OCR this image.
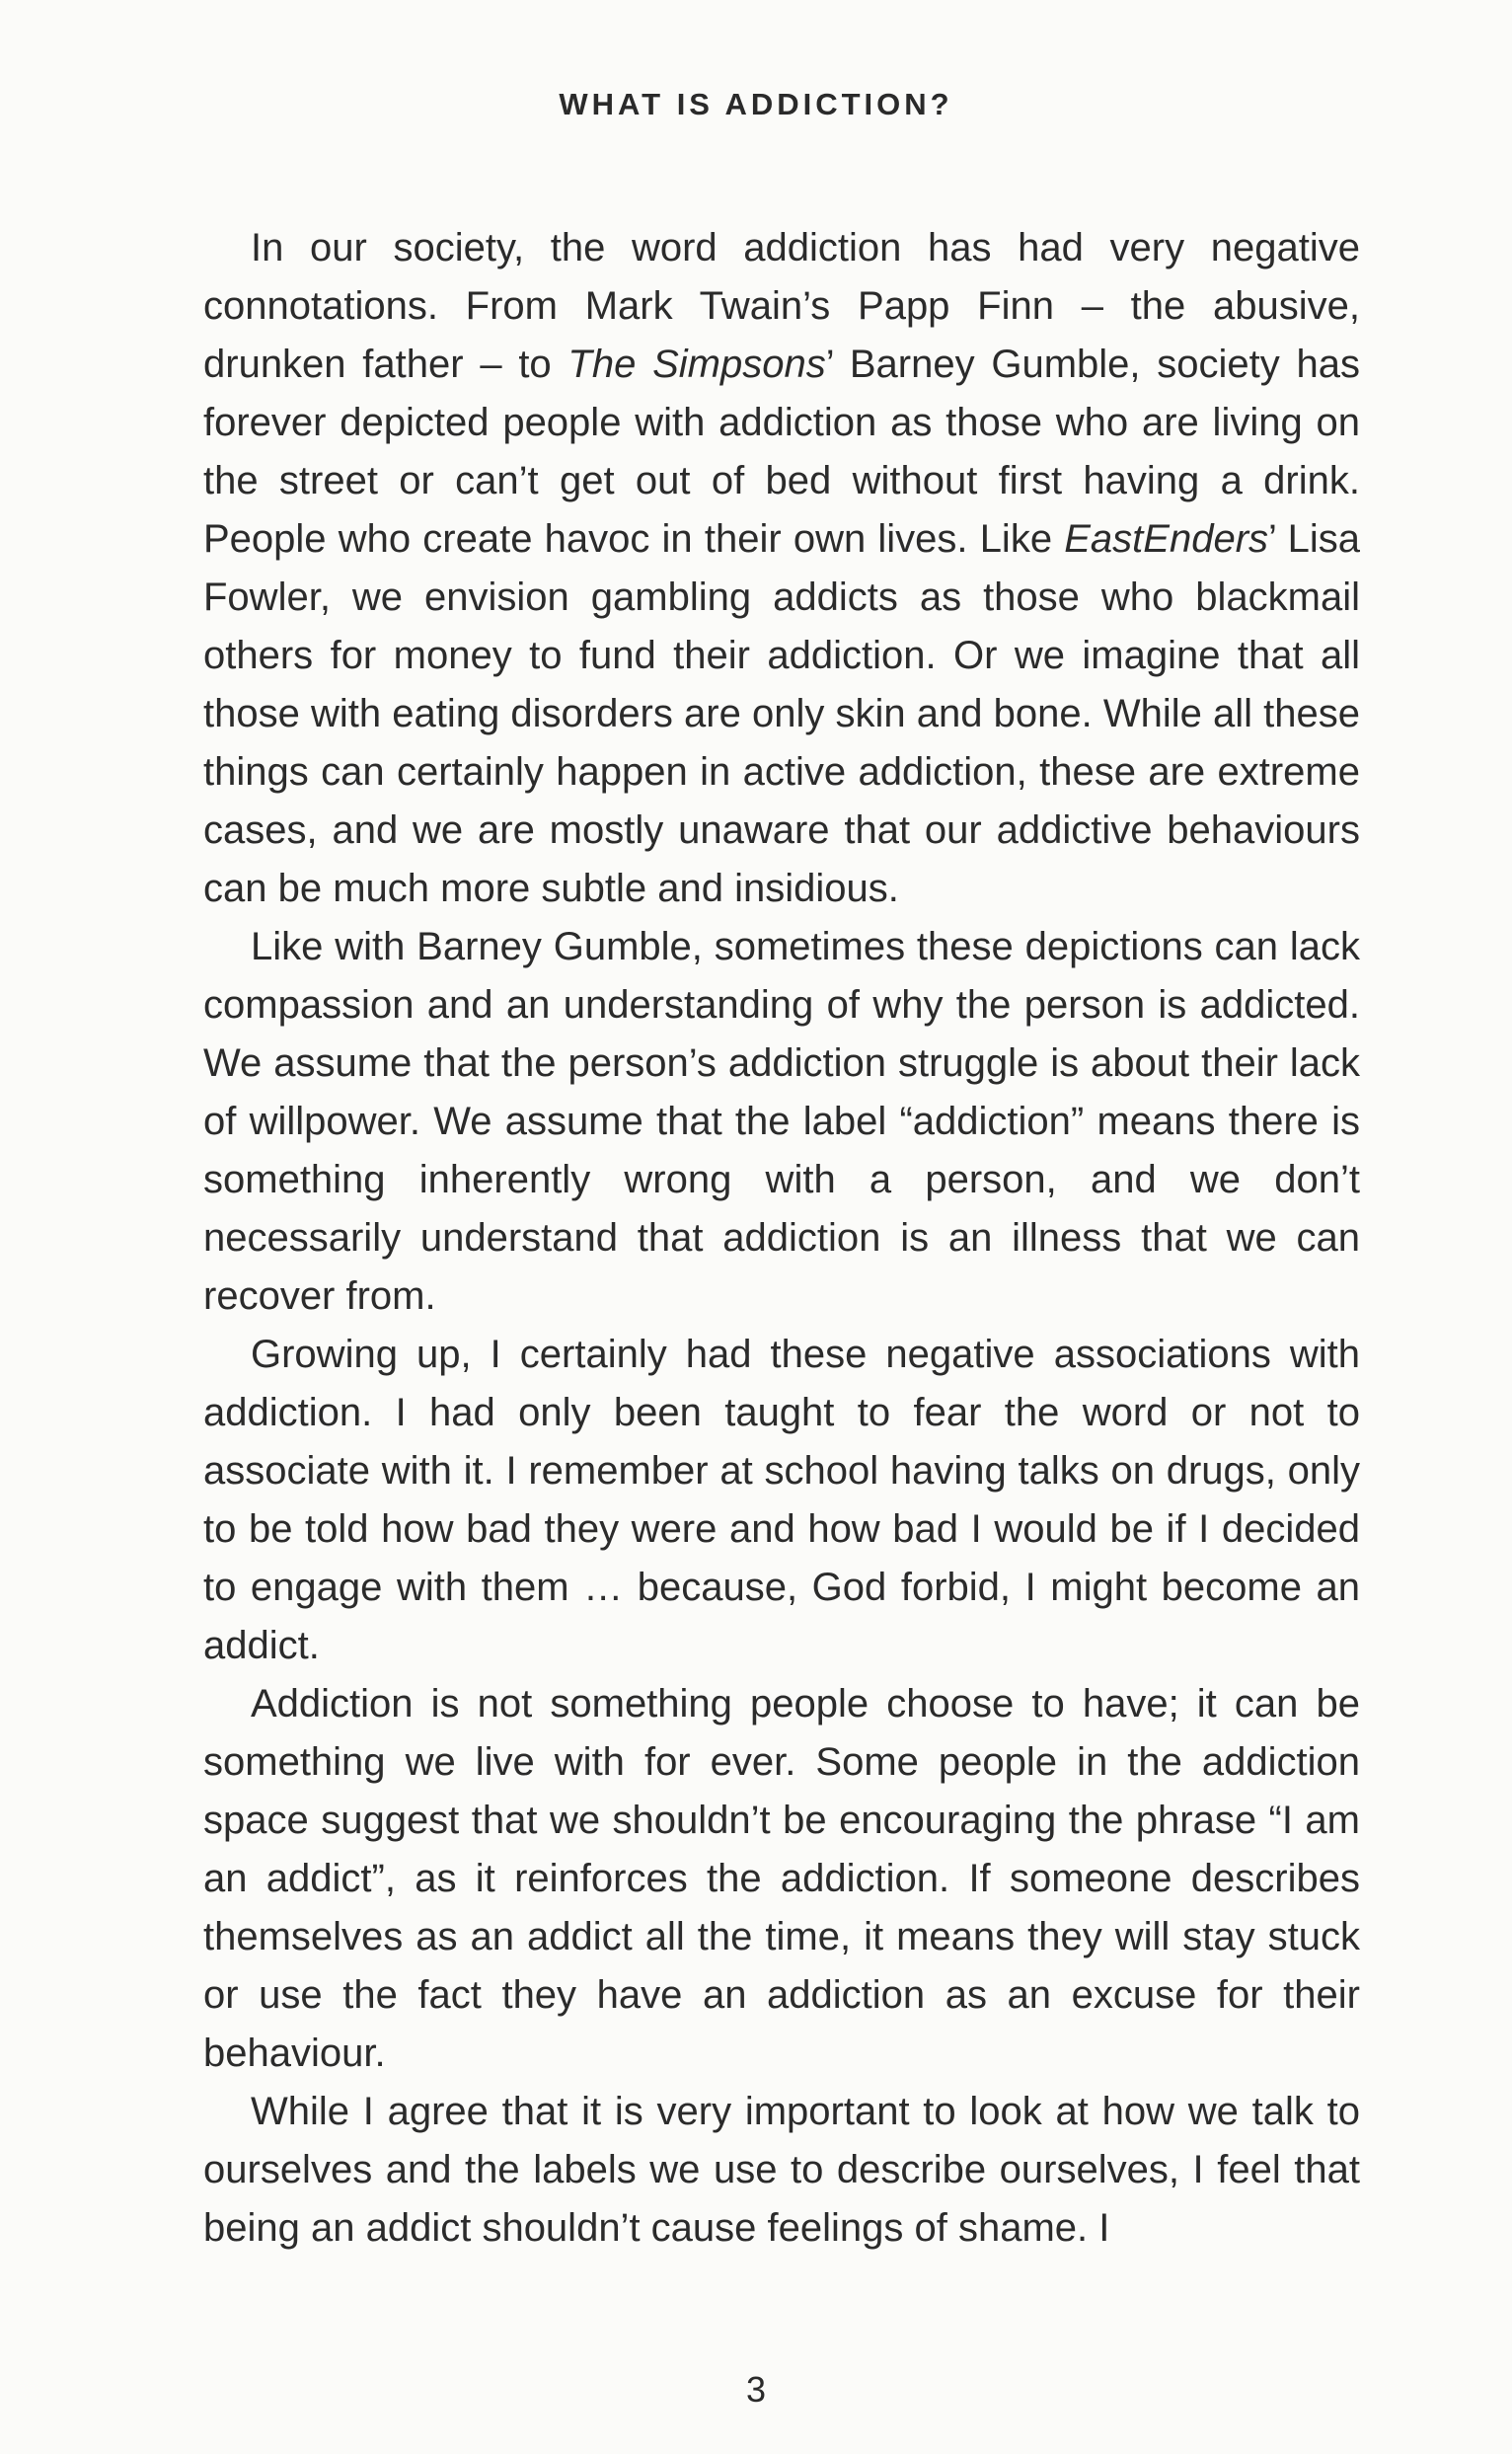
WHAT IS ADDICTION?

In our society, the word addiction has had very negative connotations. From Mark Twain’s Papp Finn – the abusive, drunken father – to The Simpsons’ Barney Gumble, society has forever depicted people with addiction as those who are living on the street or can’t get out of bed without first having a drink. People who create havoc in their own lives. Like EastEnders’ Lisa Fowler, we envision gambling addicts as those who blackmail others for money to fund their addiction. Or we imagine that all those with eating disorders are only skin and bone. While all these things can certainly happen in active addiction, these are extreme cases, and we are mostly unaware that our addictive behaviours can be much more subtle and insidious.

Like with Barney Gumble, sometimes these depictions can lack compassion and an understanding of why the person is addicted. We assume that the person’s addiction struggle is about their lack of willpower. We assume that the label “addiction” means there is something inherently wrong with a person, and we don’t necessarily understand that addiction is an illness that we can recover from.

Growing up, I certainly had these negative associations with addiction. I had only been taught to fear the word or not to associate with it. I remember at school having talks on drugs, only to be told how bad they were and how bad I would be if I decided to engage with them … because, God forbid, I might become an addict.

Addiction is not something people choose to have; it can be something we live with for ever. Some people in the addiction space suggest that we shouldn’t be encouraging the phrase “I am an addict”, as it reinforces the addiction. If someone describes themselves as an addict all the time, it means they will stay stuck or use the fact they have an addiction as an excuse for their behaviour.

While I agree that it is very important to look at how we talk to ourselves and the labels we use to describe ourselves, I feel that being an addict shouldn’t cause feelings of shame. I

3
